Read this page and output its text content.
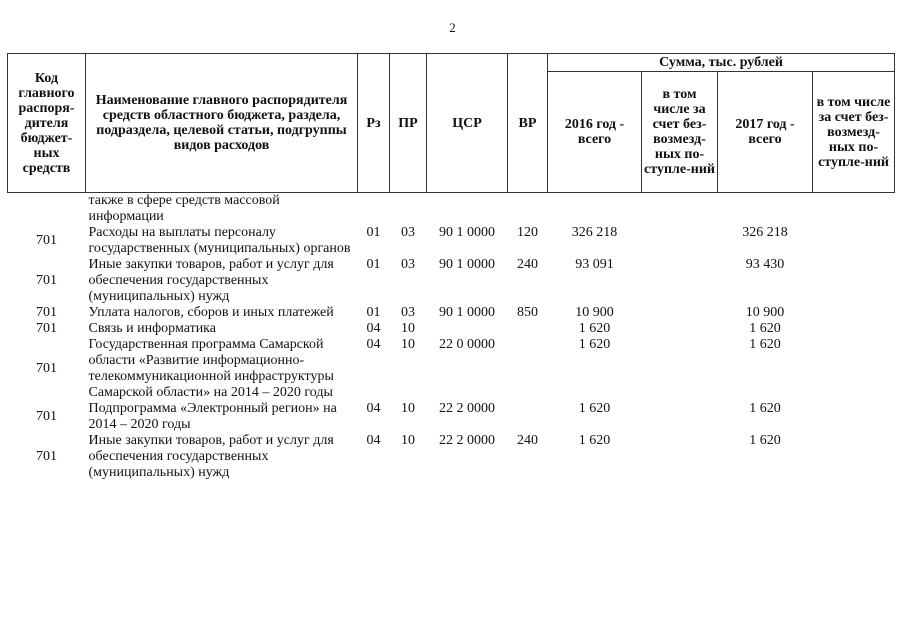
2
Код главного распоря-дителя бюджет-ных средств	Наименование главного распорядителя средств областного бюджета, раздела, подраздела, целевой статьи, подгруппы видов расходов	Рз	ПР	ЦСР	ВР	Сумма, тыс. рублей			
						2016 год - всего	в том числе за счет без-возмезд-ных по-ступле-ний	2017 год - всего	в том числе за счет без-возмезд-ных по-ступле-ний
	также в сфере средств массовой информации								
701	Расходы на выплаты персоналу государственных (муниципальных) органов	01	03	90 1 0000	120	326 218		326 218	
701	Иные закупки товаров, работ и услуг для обеспечения государственных (муниципальных) нужд	01	03	90 1 0000	240	93 091		93 430	
701	Уплата налогов, сборов и иных платежей	01	03	90 1 0000	850	10 900		10 900	
701	Связь и информатика	04	10			1 620		1 620	
701	Государственная программа Самарской области «Развитие информационно-телекоммуникационной инфраструктуры Самарской области» на 2014 – 2020 годы	04	10	22 0 0000		1 620		1 620	
701	Подпрограмма «Электронный регион» на 2014 – 2020 годы	04	10	22 2 0000		1 620		1 620	
701	Иные закупки товаров, работ и услуг для обеспечения государственных (муниципальных) нужд	04	10	22 2 0000	240	1 620		1 620	
